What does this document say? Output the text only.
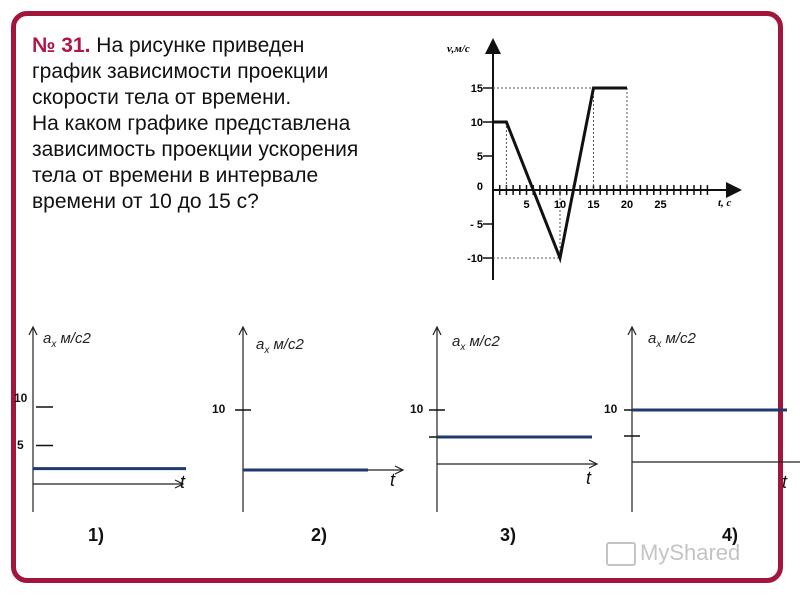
№ 31. На рисунке приведен
график зависимости проекции
скорости тела от времени.
На каком графике представлена
зависимость проекции ускорения
тела от времени в интервале
времени от 10 до 15 с?
v,м/с
t, с
15
10
5
0
- 5
-10
5 10 15 20 25
$а_х$ м/с2
t
10
5
1)
$а_х$ м/с2
t
10
2)
$а_х$ м/с2
t
10
3)
$а_х$ м/с2
t
10
4)
MyShared
